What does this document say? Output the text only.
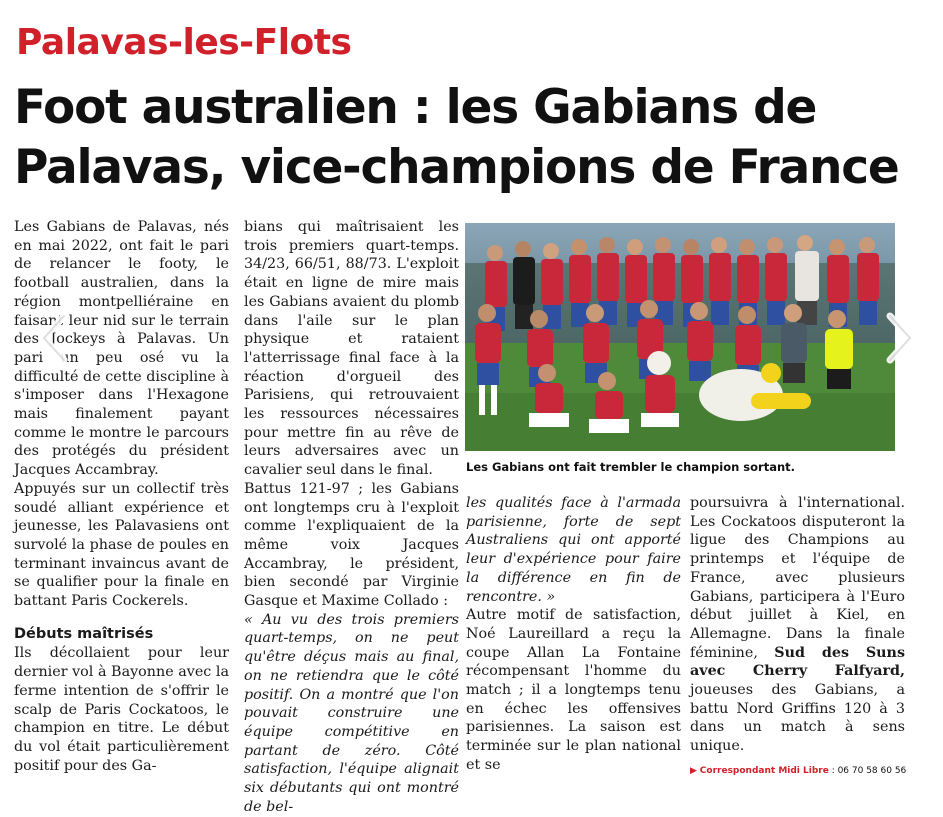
Palavas-les-Flots
Foot australien : les Gabians de Palavas, vice-champions de France

Les Gabians de Palavas, nés en mai 2022, ont fait le pari de relancer le footy, le football australien, dans la région montpelliéraine en faisant leur nid sur le terrain des Jockeys à Palavas. Un pari un peu osé vu la difficulté de cette discipline à s'imposer dans l'Hexagone mais finalement payant comme le montre le parcours des protégés du président Jacques Accambray.

Appuyés sur un collectif très soudé alliant expérience et jeunesse, les Palavasiens ont survolé la phase de poules en terminant invaincus avant de se qualifier pour la finale en battant Paris Cockerels.

Débuts maîtrisés

Ils décollaient pour leur dernier vol à Bayonne avec la ferme intention de s'offrir le scalp de Paris Cockatoos, le champion en titre. Le début du vol était particulièrement positif pour des Ga-

bians qui maîtrisaient les trois premiers quart-temps. 34/23, 66/51, 88/73. L'exploit était en ligne de mire mais les Gabians avaient du plomb dans l'aile sur le plan physique et rataient l'atterrissage final face à la réaction d'orgueil des Parisiens, qui retrouvaient les ressources nécessaires pour mettre fin au rêve de leurs adversaires avec un cavalier seul dans le final.

Battus 121-97 ; les Gabians ont longtemps cru à l'exploit comme l'expliquaient de la même voix Jacques Accambray, le président, bien secondé par Virginie Gasque et Maxime Collado :

« Au vu des trois premiers quart-temps, on ne peut qu'être déçus mais au final, on ne retiendra que le côté positif. On a montré que l'on pouvait construire une équipe compétitive en partant de zéro. Côté satisfaction, l'équipe alignait six débutants qui ont montré de bel-

Les Gabians ont fait trembler le champion sortant.

les qualités face à l'armada parisienne, forte de sept Australiens qui ont apporté leur d'expérience pour faire la différence en fin de rencontre. »

Autre motif de satisfaction, Noé Laureillard a reçu la coupe Allan La Fontaine récompensant l'homme du match ; il a longtemps tenu en échec les offensives parisiennes. La saison est terminée sur le plan national et se

poursuivra à l'international. Les Cockatoos disputeront la ligue des Champions au printemps et l'équipe de France, avec plusieurs Gabians, participera à l'Euro début juillet à Kiel, en Allemagne. Dans la finale féminine, Sud des Suns avec Cherry Falfyard, joueuses des Gabians, a battu Nord Griffins 120 à 3 dans un match à sens unique.

▶ Correspondant Midi Libre : 06 70 58 60 56
